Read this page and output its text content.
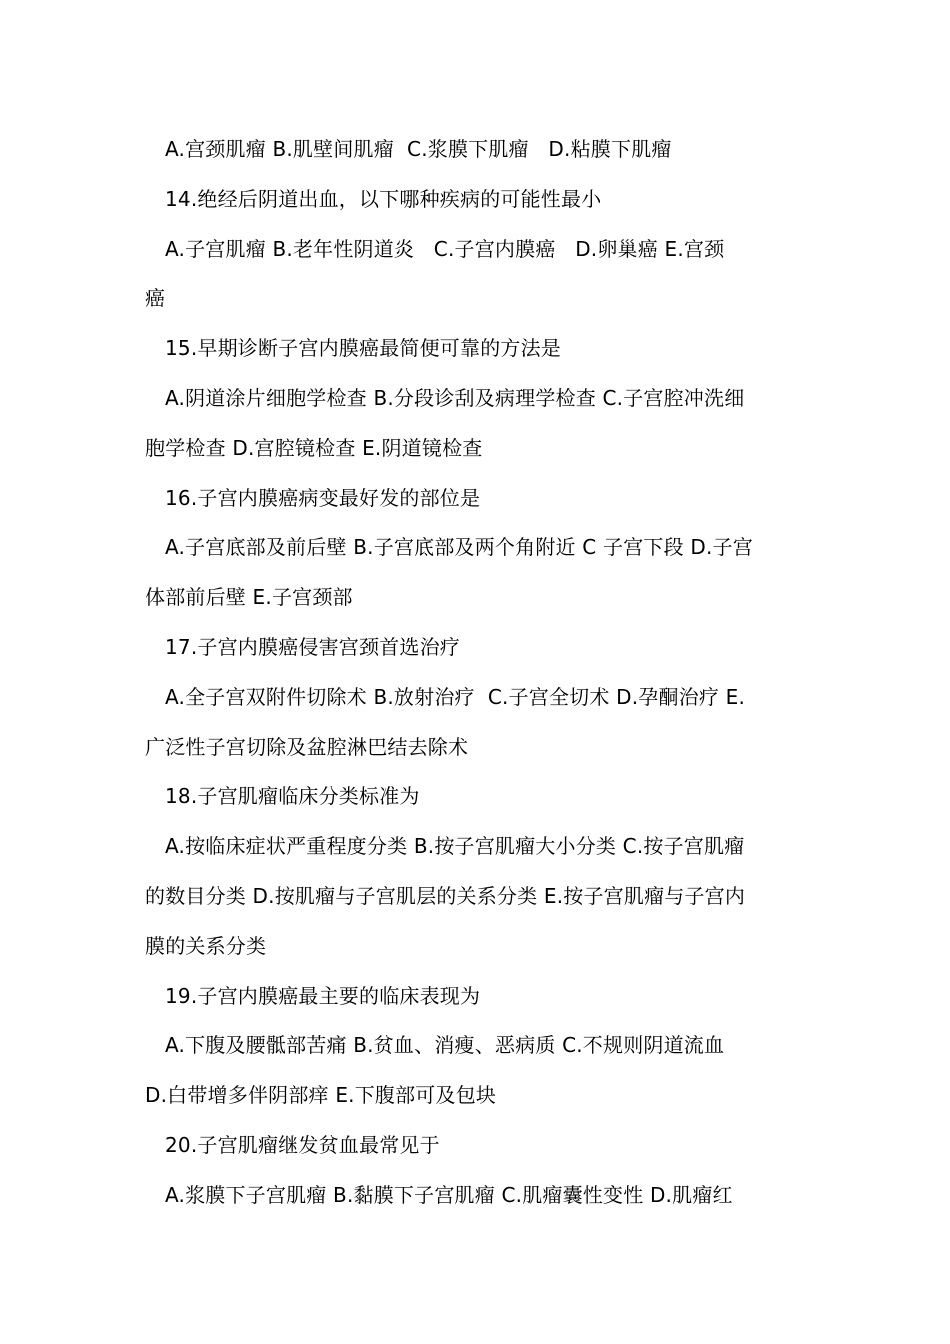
A.宫颈肌瘤 B.肌壁间肌瘤  C.浆膜下肌瘤   D.粘膜下肌瘤
14.绝经后阴道出血，以下哪种疾病的可能性最小
A.子宫肌瘤 B.老年性阴道炎   C.子宫内膜癌   D.卵巢癌 E.宫颈
癌
15.早期诊断子宫内膜癌最简便可靠的方法是
A.阴道涂片细胞学检查 B.分段诊刮及病理学检查 C.子宫腔冲洗细
胞学检查 D.宫腔镜检查 E.阴道镜检查
16.子宫内膜癌病变最好发的部位是
A.子宫底部及前后壁 B.子宫底部及两个角附近 C 子宫下段 D.子宫
体部前后壁 E.子宫颈部
17.子宫内膜癌侵害宫颈首选治疗
A.全子宫双附件切除术 B.放射治疗  C.子宫全切术 D.孕酮治疗 E.
广泛性子宫切除及盆腔淋巴结去除术
18.子宫肌瘤临床分类标准为
A.按临床症状严重程度分类 B.按子宫肌瘤大小分类 C.按子宫肌瘤
的数目分类 D.按肌瘤与子宫肌层的关系分类 E.按子宫肌瘤与子宫内
膜的关系分类
19.子宫内膜癌最主要的临床表现为
A.下腹及腰骶部苦痛 B.贫血、消瘦、恶病质 C.不规则阴道流血
D.白带增多伴阴部痒 E.下腹部可及包块
20.子宫肌瘤继发贫血最常见于
A.浆膜下子宫肌瘤 B.黏膜下子宫肌瘤 C.肌瘤囊性变性 D.肌瘤红
